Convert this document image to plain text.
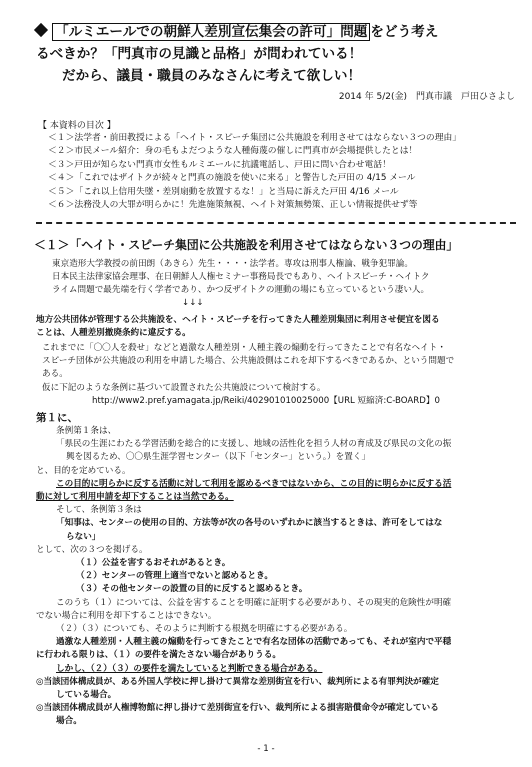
「ルミエールでの朝鮮人差別宣伝集会の許可」問題 をどう考え
るべきか？「門真市の見識と品格」が問われている！
だから、議員・職員のみなさんに考えて欲しい！
2014 年 5/2(金)　門真市議　戸田ひさよし
【 本資料の目次 】
＜１＞法学者・前田教授による「ヘイト・スピーチ集団に公共施設を利用させてはならない３つの理由」
＜２＞市民メール紹介：身の毛もよだつような人種侮蔑の催しに門真市が会場提供したとは！
＜３＞戸田が知らない門真市女性もルミエールに抗議電話し、戸田に問い合わせ電話！
＜４＞「これではザイトクが続々と門真の施設を使いに来る」と警告した戸田の 4/15 メール
＜５＞「これ以上信用失墜・差別扇動を放置するな！」と当局に訴えた戸田 4/16 メール
＜６＞法務没人の大罪が明らかに！先進施策無視、ヘイト対策無勢策、正しい情報提供せず等
＜１＞「ヘイト・スピーチ集団に公共施設を利用させてはならない３つの理由」
東京造形大学教授の前田朗（あきら）先生・・・・法学者。専攻は刑事人権論、戦争犯罪論。
日本民主法律家協会理事、在日朝鮮人人権セミナー事務局長でもあり、ヘイトスピーチ・ヘイトク
ライム問題で最先端を行く学者であり、かつ反ザイトクの運動の場にも立っているという凄い人。
↓↓↓
地方公共団体が管理する公共施設を、ヘイト・スピーチを行ってきた人種差別集団に利用させ便宜を図る
ことは、人種差別撤廃条約に違反する。
これまでに「〇〇人を殺せ」などと過激な人種差別・人種主義の煽動を行ってきたことで有名なヘイト・
スピーチ団体が公共施設の利用を申請した場合、公共施設側はこれを却下するべきであるか、という問題で
ある。
仮に下記のような条例に基づいて設置された公共施設について検討する。
http://www2.pref.yamagata.jp/Reiki/402901010025000【URL 短縮済:C-BOARD】0
第１に、
条例第１条は、
「県民の生涯にわたる学習活動を総合的に支援し、地域の活性化を担う人材の育成及び県民の文化の振
興を図るため、〇〇県生涯学習センター（以下「センター」という。）を置く」
と、目的を定めている。
この目的に明らかに反する活動に対して利用を認めるべきではないから、この目的に明らかに反する活
動に対して利用申請を却下することは当然である。
そして、条例第３条は
「知事は、センターの使用の目的、方法等が次の各号のいずれかに該当するときは、許可をしてはな
らない」
として、次の３つを掲げる。
（１）公益を害するおそれがあるとき。
（２）センターの管理上適当でないと認めるとき。
（３）その他センターの設置の目的に反すると認めるとき。
このうち（１）については、公益を害することを明確に証明する必要があり、その現実的危険性が明確
でない場合に利用を却下することはできない。
（２）（３）についても、そのように判断する根拠を明確にする必要がある。
過激な人種差別・人種主義の煽動を行ってきたことで有名な団体の活動であっても、それが室内で平穏
に行われる限りは、（１）の要件を満たさない場合がありうる。
しかし、（２）（３）の要件を満たしていると判断できる場合がある。
◎当該団体構成員が、ある外国人学校に押し掛けて異常な差別街宣を行い、裁判所による有罪判決が確定
している場合。
◎当該団体構成員が人権博物館に押し掛けて差別街宣を行い、裁判所による損害賠償命令が確定している
場合。
- 1 -
